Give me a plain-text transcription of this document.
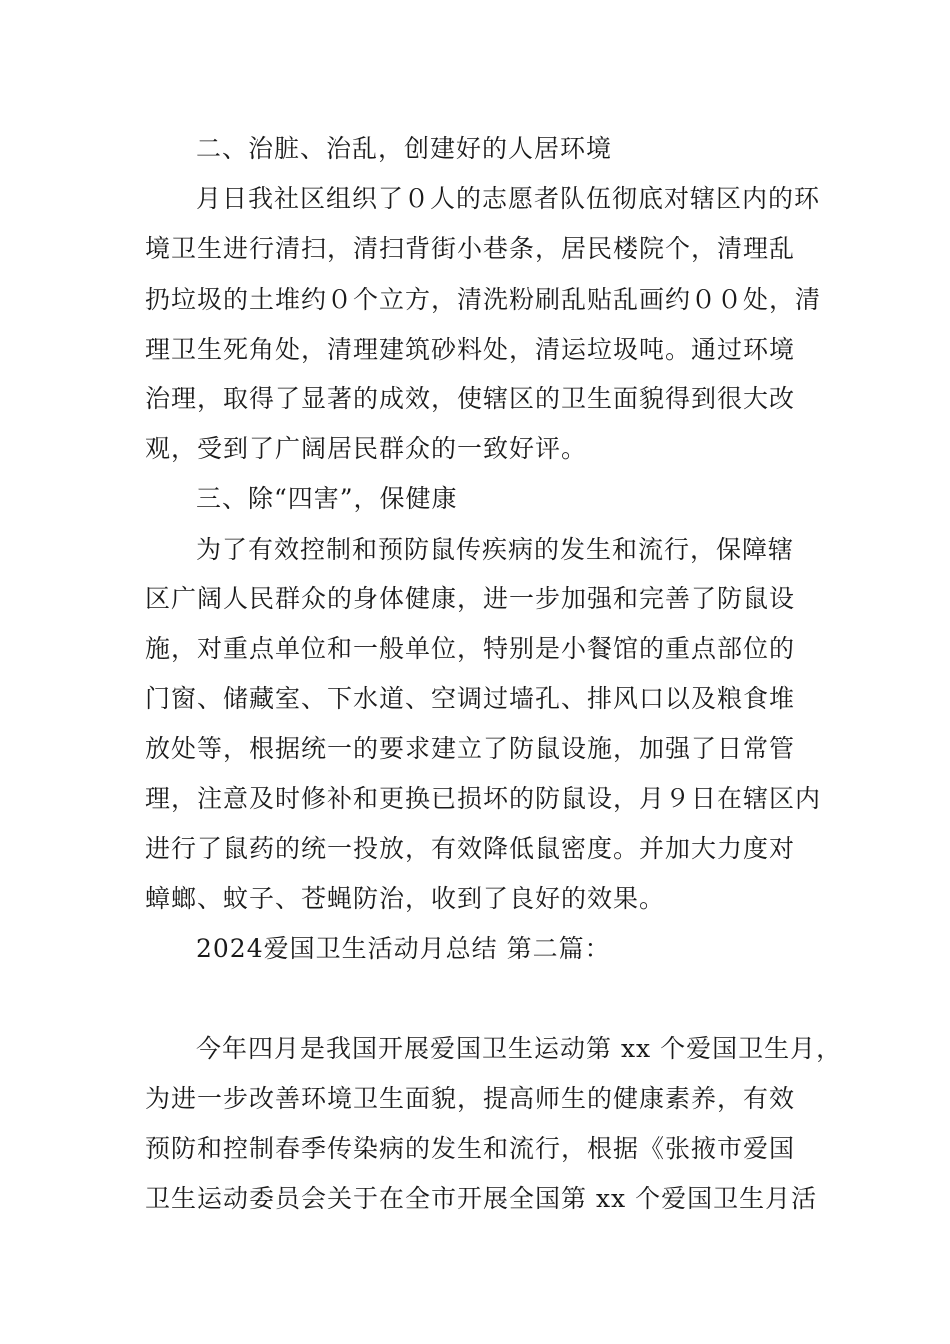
二、治脏、治乱，创建好的人居环境
月日我社区组织了０人的志愿者队伍彻底对辖区内的环
境卫生进行清扫，清扫背街小巷条，居民楼院个，清理乱
扔垃圾的土堆约０个立方，清洗粉刷乱贴乱画约００处，清
理卫生死角处，清理建筑砂料处，清运垃圾吨。通过环境
治理，取得了显著的成效，使辖区的卫生面貌得到很大改
观，受到了广阔居民群众的一致好评。
三、除“四害”，保健康
为了有效控制和预防鼠传疾病的发生和流行，保障辖
区广阔人民群众的身体健康，进一步加强和完善了防鼠设
施，对重点单位和一般单位，特别是小餐馆的重点部位的
门窗、储藏室、下水道、空调过墙孔、排风口以及粮食堆
放处等，根据统一的要求建立了防鼠设施，加强了日常管
理，注意及时修补和更换已损坏的防鼠设，月９日在辖区内
进行了鼠药的统一投放，有效降低鼠密度。并加大力度对
蟑螂、蚊子、苍蝇防治，收到了良好的效果。
2024爱国卫生活动月总结 第二篇：
今年四月是我国开展爱国卫生运动第 xx 个爱国卫生月，
为进一步改善环境卫生面貌，提高师生的健康素养，有效
预防和控制春季传染病的发生和流行，根据《张掖市爱国
卫生运动委员会关于在全市开展全国第 xx 个爱国卫生月活
